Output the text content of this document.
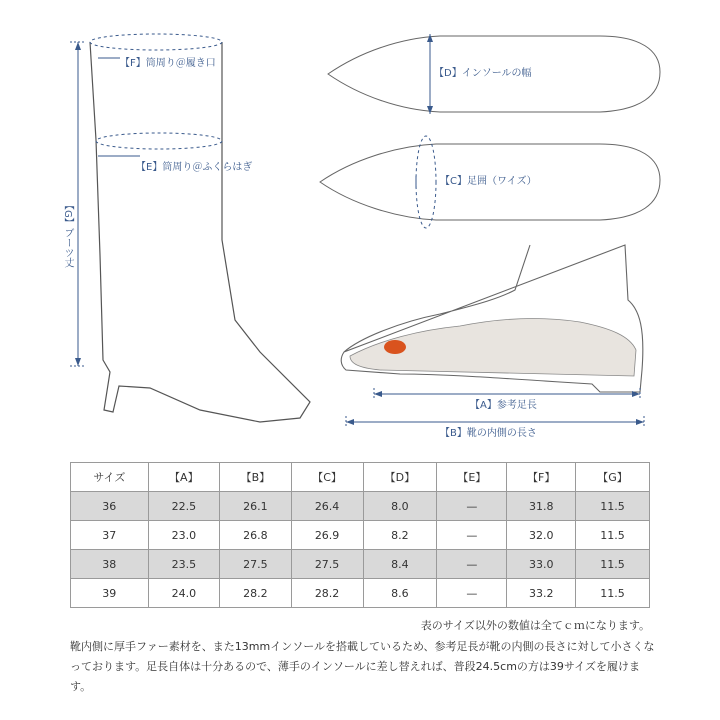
【F】筒周り＠履き口
【E】筒周り＠ふくらはぎ
【G】ブーツ丈
【D】インソールの幅
【C】足囲（ワイズ）
【A】参考足長
【B】靴の内側の長さ
サイズ	【A】	【B】	【C】	【D】	【E】	【F】	【G】
36	22.5	26.1	26.4	8.0	—	31.8	11.5
37	23.0	26.8	26.9	8.2	—	32.0	11.5
38	23.5	27.5	27.5	8.4	—	33.0	11.5
39	24.0	28.2	28.2	8.6	—	33.2	11.5
表のサイズ以外の数値は全てｃｍになります。
靴内側に厚手ファー素材を、また13mmインソールを搭載しているため、参考足長が靴の内側の長さに対して小さくなっております。足長自体は十分あるので、薄手のインソールに差し替えれば、普段24.5cmの方は39サイズを履けます。
